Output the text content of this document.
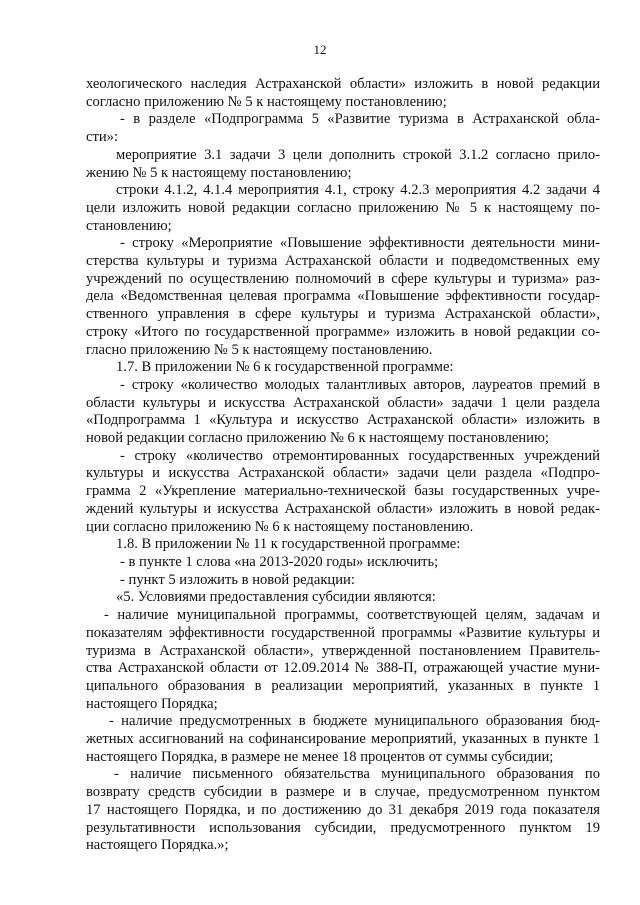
12
хеологического наследия Астраханской области» изложить в новой редакции
согласно приложению № 5 к настоящему постановлению;
- в разделе «Подпрограмма 5 «Развитие туризма в Астраханской обла-
сти»:
мероприятие 3.1 задачи 3 цели дополнить строкой 3.1.2 согласно прило-
жению № 5 к настоящему постановлению;
строки 4.1.2, 4.1.4 мероприятия 4.1, строку 4.2.3 мероприятия 4.2 задачи 4
цели изложить новой редакции согласно приложению № 5 к настоящему по-
становлению;
- строку «Мероприятие «Повышение эффективности деятельности мини-
стерства культуры и туризма Астраханской области и подведомственных ему
учреждений по осуществлению полномочий в сфере культуры и туризма» раз-
дела «Ведомственная целевая программа «Повышение эффективности государ-
ственного управления в сфере культуры и туризма Астраханской области»,
строку «Итого по государственной программе» изложить в новой редакции со-
гласно приложению № 5 к настоящему постановлению.
1.7. В приложении № 6 к государственной программе:
- строку «количество молодых талантливых авторов, лауреатов премий в
области культуры и искусства Астраханской области» задачи 1 цели раздела
«Подпрограмма 1 «Культура и искусство Астраханской области» изложить в
новой редакции согласно приложению № 6 к настоящему постановлению;
- строку «количество отремонтированных государственных учреждений
культуры и искусства Астраханской области» задачи цели раздела «Подпро-
грамма 2 «Укрепление материально-технической базы государственных учре-
ждений культуры и искусства Астраханской области» изложить в новой редак-
ции согласно приложению № 6 к настоящему постановлению.
1.8. В приложении № 11 к государственной программе:
- в пункте 1 слова «на 2013-2020 годы» исключить;
- пункт 5 изложить в новой редакции:
«5. Условиями предоставления субсидии являются:
- наличие муниципальной программы, соответствующей целям, задачам и
показателям эффективности государственной программы «Развитие культуры и
туризма в Астраханской области», утвержденной постановлением Правитель-
ства Астраханской области от 12.09.2014 № 388-П, отражающей участие муни-
ципального образования в реализации мероприятий, указанных в пункте 1
настоящего Порядка;
- наличие предусмотренных в бюджете муниципального образования бюд-
жетных ассигнований на софинансирование мероприятий, указанных в пункте 1
настоящего Порядка, в размере не менее 18 процентов от суммы субсидии;
- наличие письменного обязательства муниципального образования по
возврату средств субсидии в размере и в случае, предусмотренном пунктом
17 настоящего Порядка, и по достижению до 31 декабря 2019 года показателя
результативности использования субсидии, предусмотренного пунктом 19
настоящего Порядка.»;
